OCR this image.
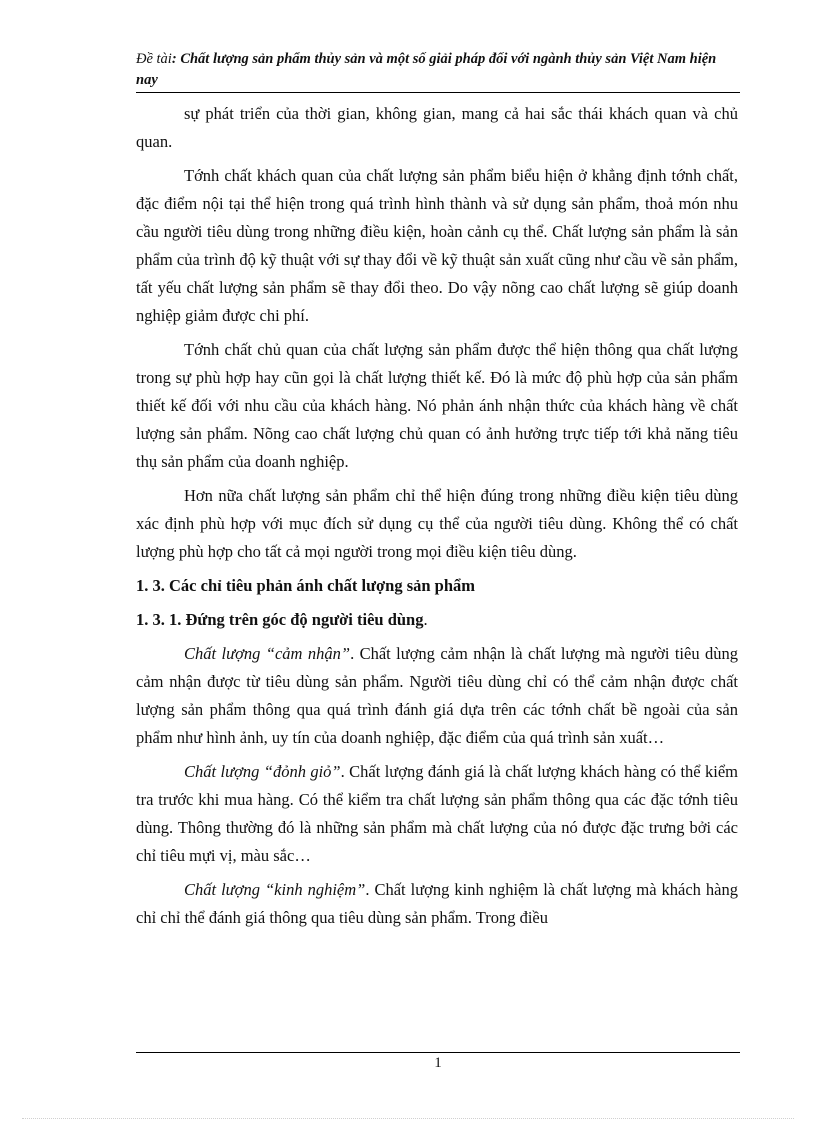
Đề tài: Chất lượng sản phẩm thủy sản và một số giải pháp đối với ngành thủy sản Việt Nam hiện nay

sự phát triển của thời gian, không gian, mang cả hai sắc thái khách quan và chủ quan.

Tớnh chất khách quan của chất lượng sản phẩm biểu hiện ở khẳng định tớnh chất, đặc điểm nội tại thể hiện trong quá trình hình thành và sử dụng sản phẩm, thoả món nhu cầu người tiêu dùng trong những điều kiện, hoàn cảnh cụ thể. Chất lượng sản phẩm là sản phẩm của trình độ kỹ thuật với sự thay đổi về kỹ thuật sản xuất cũng như cầu về sản phẩm, tất yếu chất lượng sản phẩm sẽ thay đổi theo. Do vậy nõng cao chất lượng sẽ giúp doanh nghiệp giảm được chi phí.

Tớnh chất chủ quan của chất lượng sản phẩm được thể hiện thông qua chất lượng trong sự phù hợp hay cũn gọi là chất lượng thiết kế. Đó là mức độ phù hợp của sản phẩm thiết kế đối với nhu cầu của khách hàng. Nó phản ánh nhận thức của khách hàng về chất lượng sản phẩm. Nõng cao chất lượng chủ quan có ảnh hưởng trực tiếp tới khả năng tiêu thụ sản phẩm của doanh nghiệp.

Hơn nữa chất lượng sản phẩm chỉ thể hiện đúng trong những điều kiện tiêu dùng xác định phù hợp với mục đích sử dụng cụ thể của người tiêu dùng. Không thể có chất lượng phù hợp cho tất cả mọi người trong mọi điều kiện tiêu dùng.

1. 3. Các chỉ tiêu phản ánh chất lượng sản phẩm

1. 3. 1. Đứng trên góc độ người tiêu dùng.

Chất lượng “cảm nhận”. Chất lượng cảm nhận là chất lượng mà người tiêu dùng cảm nhận được từ tiêu dùng sản phẩm. Người tiêu dùng chỉ có thể cảm nhận được chất lượng sản phẩm thông qua quá trình đánh giá dựa trên các tớnh chất bề ngoài của sản phẩm như hình ảnh, uy tín của doanh nghiệp, đặc điểm của quá trình sản xuất…

Chất lượng “đỏnh giỏ”. Chất lượng đánh giá là chất lượng khách hàng có thể kiểm tra trước khi mua hàng. Có thể kiểm tra chất lượng sản phẩm thông qua các đặc tớnh tiêu dùng. Thông thường đó là những sản phẩm mà chất lượng của nó được đặc trưng bởi các chỉ tiêu mựi vị, màu sắc…

Chất lượng “kinh nghiệm”. Chất lượng kinh nghiệm là chất lượng mà khách hàng chỉ chỉ thể đánh giá thông qua tiêu dùng sản phẩm. Trong điều

1
